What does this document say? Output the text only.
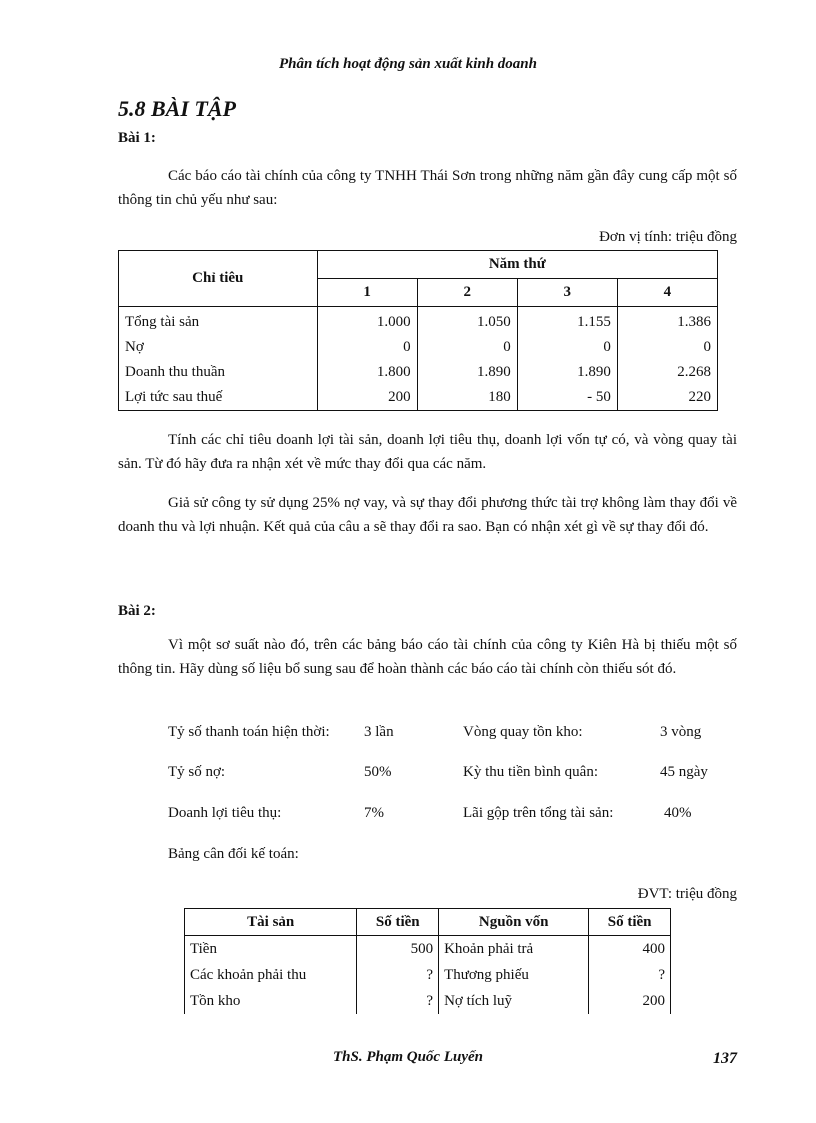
Phân tích hoạt động sản xuất kinh doanh
5.8 BÀI TẬP
Bài 1:
Các báo cáo tài chính của công ty TNHH Thái Sơn trong những năm gần đây cung cấp một số thông tin chủ yếu như sau:
Đơn vị tính: triệu đồng
Chỉ tiêu	Năm thứ			
	1	2	3	4
Tổng tài sản	1.000	1.050	1.155	1.386
Nợ	0	0	0	0
Doanh thu thuần	1.800	1.890	1.890	2.268
Lợi tức sau thuế	200	180	- 50	220
Tính các chỉ tiêu doanh lợi tài sản, doanh lợi tiêu thụ, doanh lợi vốn tự có, và vòng quay tài sản. Từ đó hãy đưa ra nhận xét về mức thay đổi qua các năm.
Giả sử công ty sử dụng 25% nợ vay, và sự thay đổi phương thức tài trợ không làm thay đổi về doanh thu và lợi nhuận. Kết quả của câu a sẽ thay đổi ra sao. Bạn có nhận xét gì về sự thay đổi đó.
Bài 2:
Vì một sơ suất nào đó, trên các bảng báo cáo tài chính của công ty Kiên Hà bị thiếu một số thông tin. Hãy dùng số liệu bổ sung sau để hoàn thành các báo cáo tài chính còn thiếu sót đó.
Tỷ số thanh toán hiện thời: 3 lần	Vòng quay tồn kho:	3 vòng
Tỷ số nợ:	50%	Kỳ thu tiền bình quân:	45 ngày
Doanh lợi tiêu thụ:	7%	Lãi gộp trên tổng tài sản:	40%
Bảng cân đối kế toán:
ĐVT: triệu đồng
Tài sản	Số tiền	Nguồn vốn	Số tiền
Tiền	500	Khoản phải trả	400
Các khoản phải thu	?	Thương phiếu	?
Tồn kho	?	Nợ tích luỹ	200
ThS. Phạm Quốc Luyến	137
